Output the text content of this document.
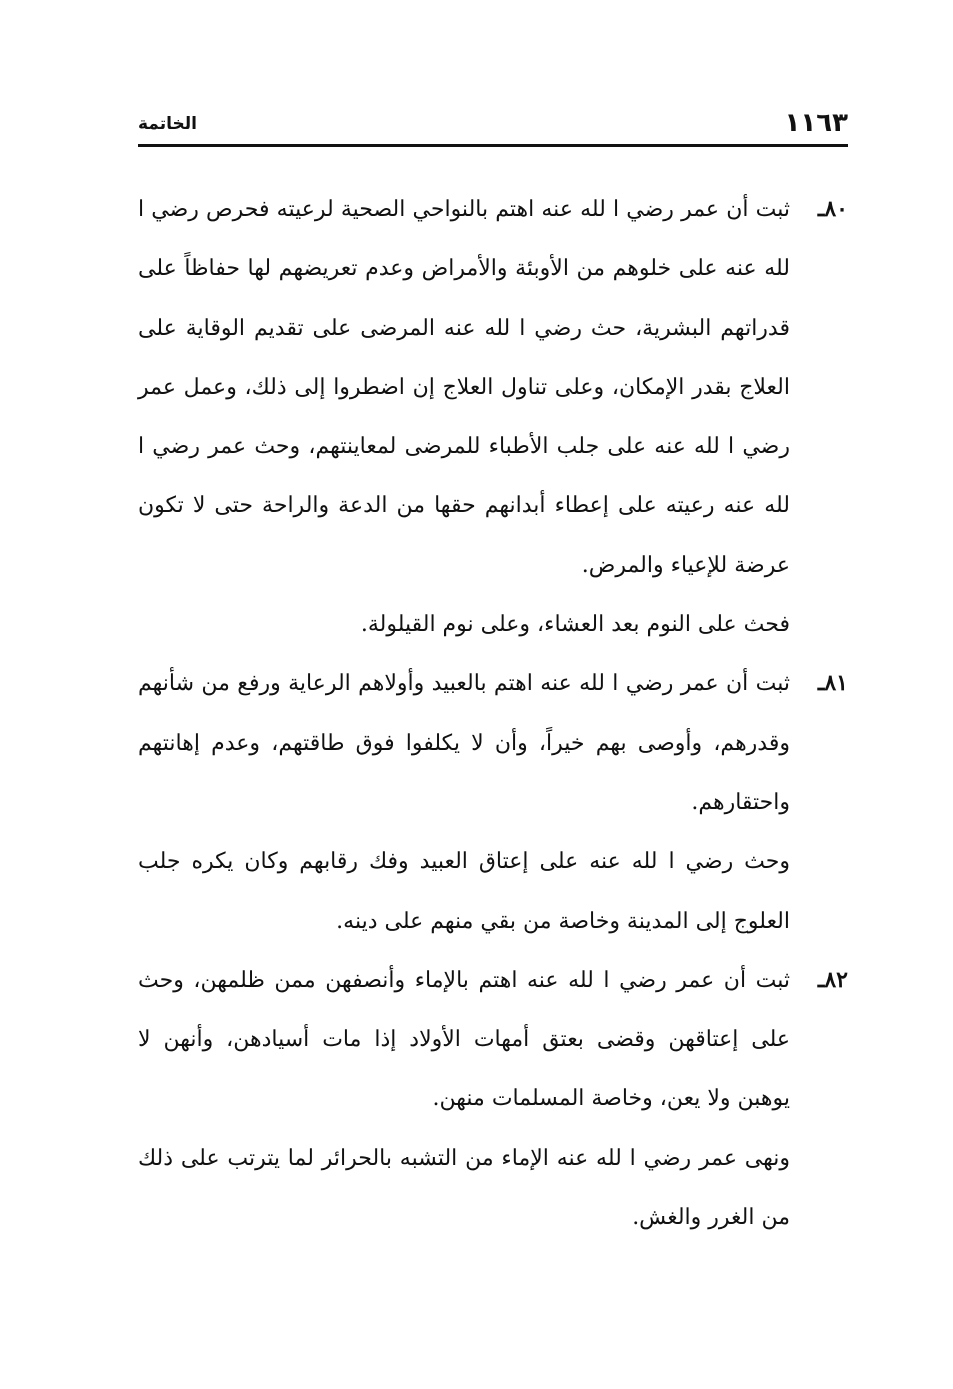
١١٦٣
الخاتمة
٨٠ـ
ثبت أن عمر رضي ا لله عنه اهتم بالنواحي الصحية لرعيته فحرص رضي ا لله عنه على خلوهم من الأوبئة والأمراض وعدم تعريضهم لها حفاظاً على قدراتهم البشرية، حث رضي ا لله عنه المرضى على تقديم الوقاية على العلاج بقدر الإمكان، وعلى تناول العلاج إن اضطروا إلى ذلك، وعمل عمر رضي ا لله عنه على جلب الأطباء للمرضى لمعاينتهم، وحث عمر رضي ا لله عنه رعيته على إعطاء أبدانهم حقها من الدعة والراحة حتى لا تكون عرضة للإعياء والمرض.
فحث على النوم بعد العشاء، وعلى نوم القيلولة.
٨١ـ
ثبت أن عمر رضي ا لله عنه اهتم بالعبيد وأولاهم الرعاية ورفع من شأنهم وقدرهم، وأوصى بهم خيراً، وأن لا يكلفوا فوق طاقتهم، وعدم إهانتهم واحتقارهم.
وحث رضي ا لله عنه على إعتاق العبيد وفك رقابهم وكان يكره جلب العلوج إلى المدينة وخاصة من بقي منهم على دينه.
٨٢ـ
ثبت أن عمر رضي ا لله عنه اهتم بالإماء وأنصفهن ممن ظلمهن، وحث على إعتاقهن وقضى بعتق أمهات الأولاد إذا مات أسيادهن، وأنهن لا يوهبن ولا يعن، وخاصة المسلمات منهن.
ونهى عمر رضي ا لله عنه الإماء من التشبه بالحرائر لما يترتب على ذلك من الغرر والغش.
